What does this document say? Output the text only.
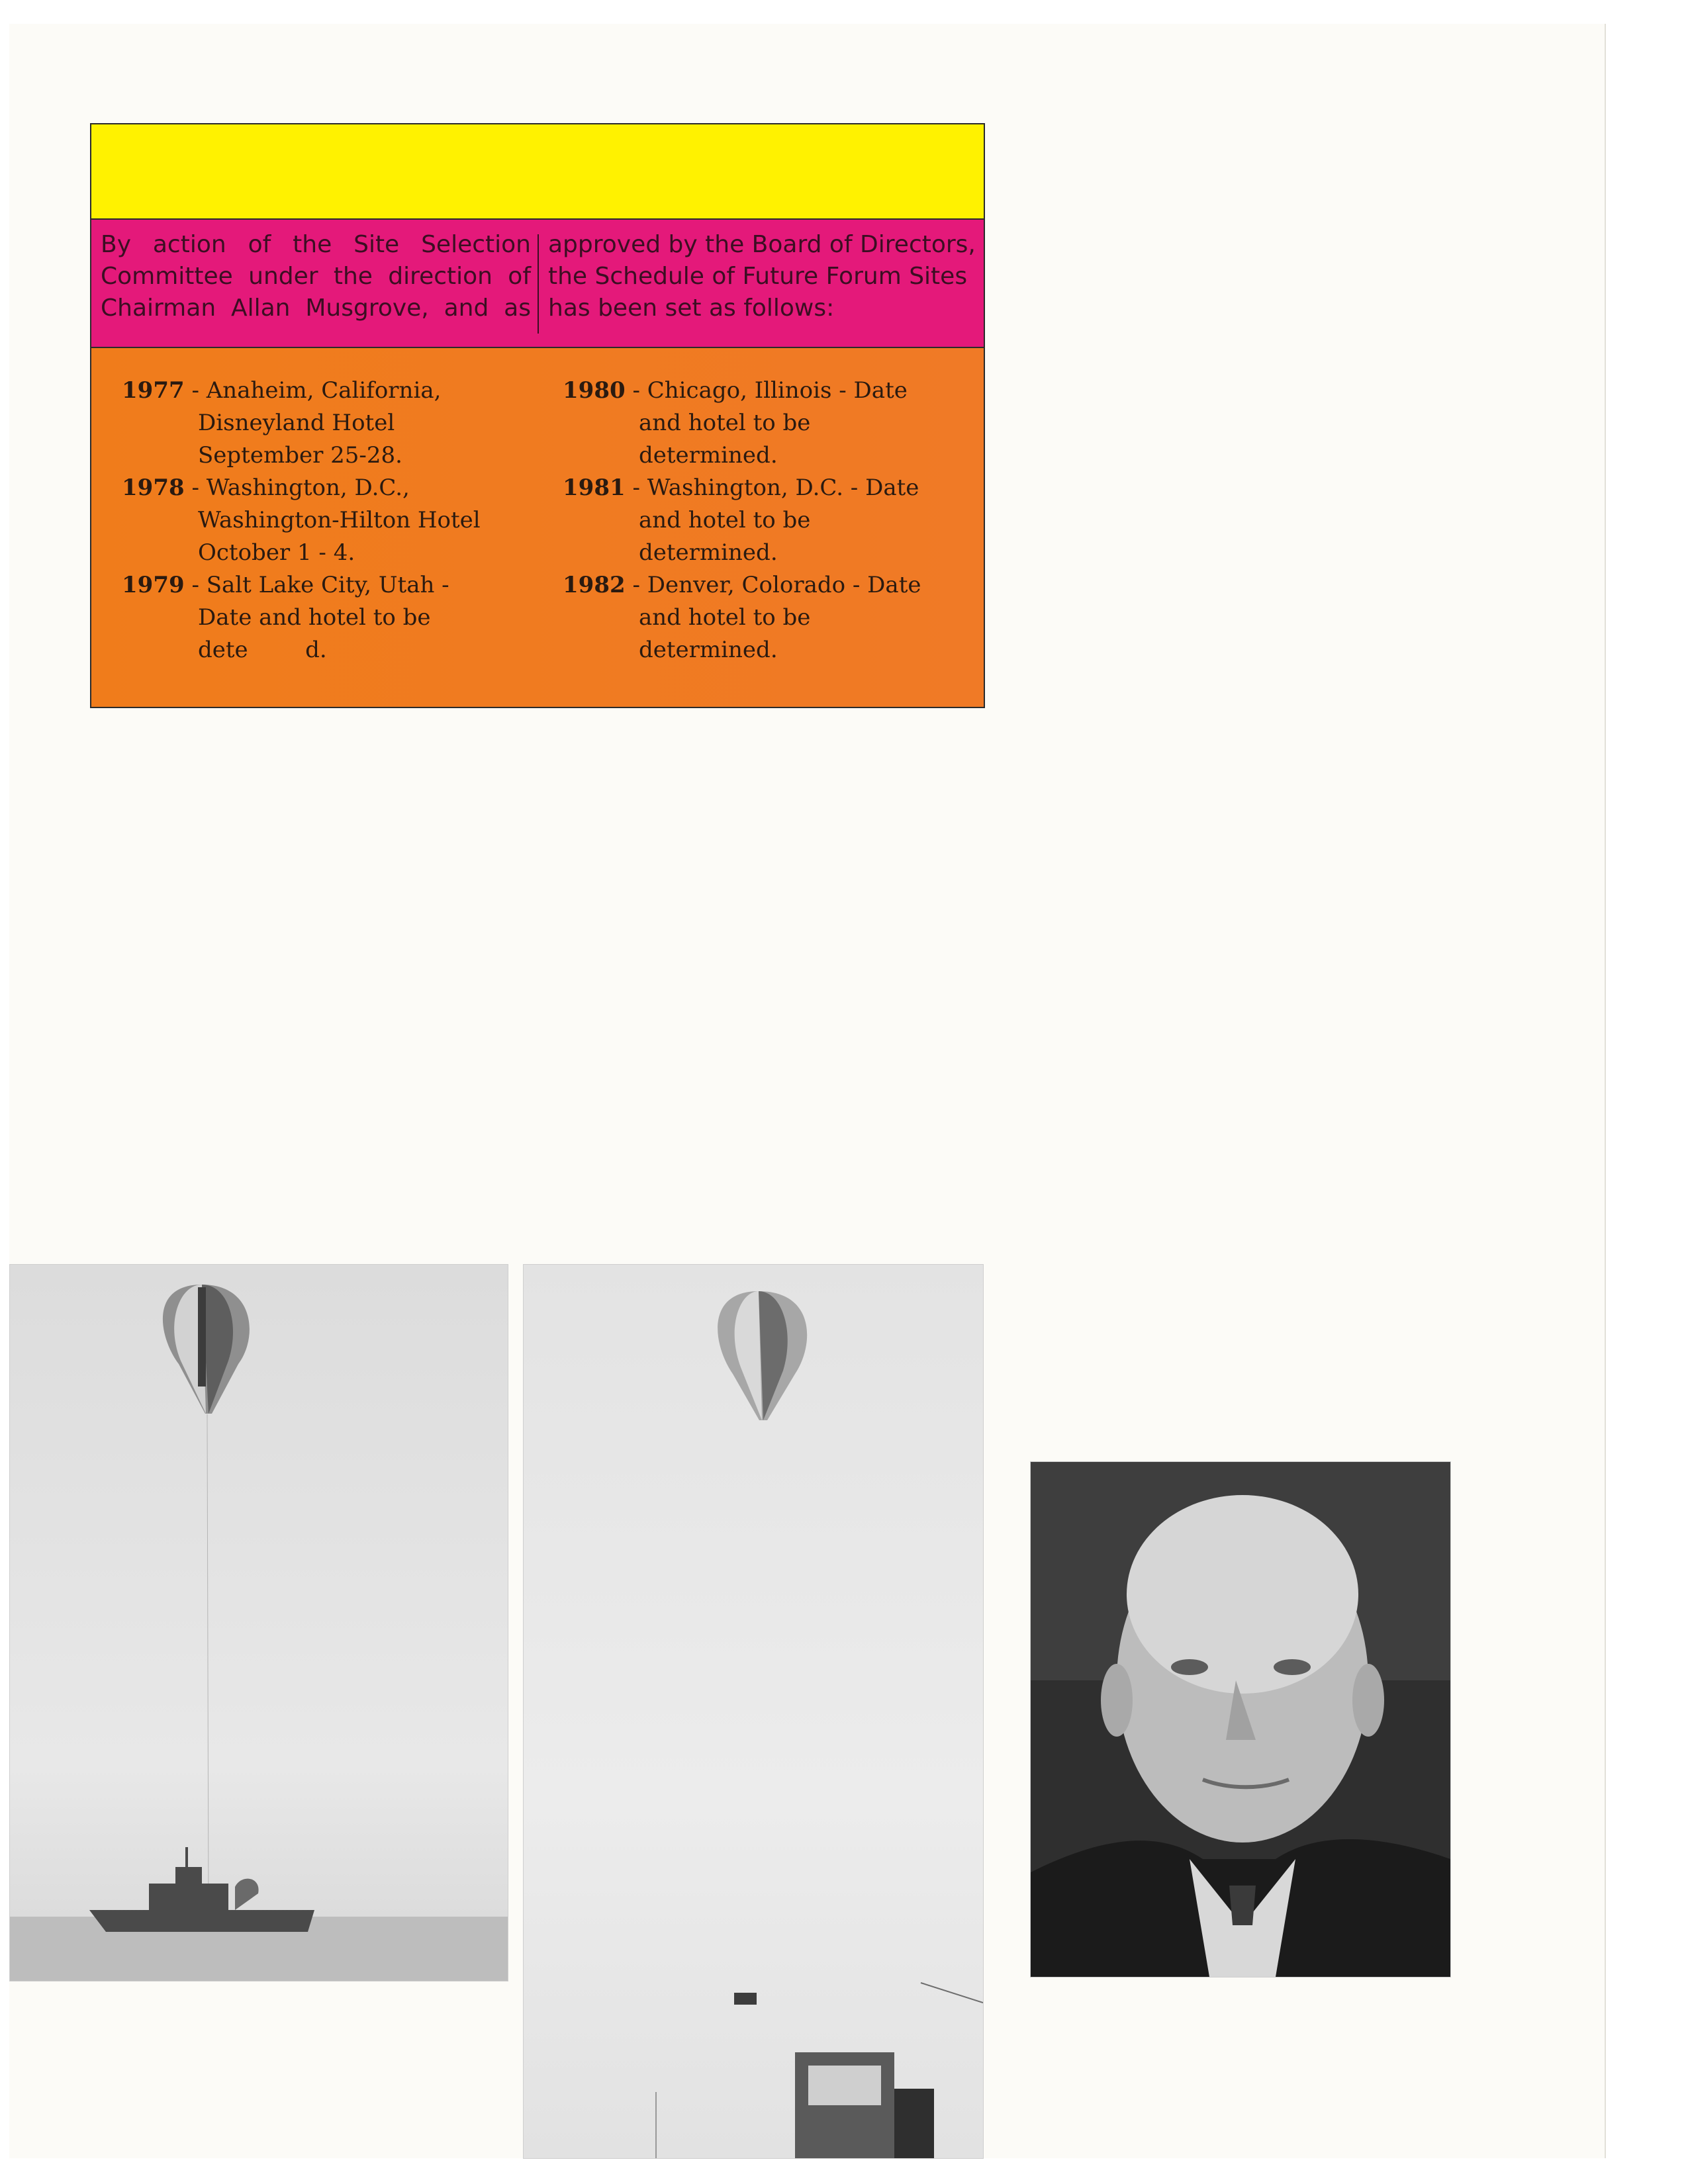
By action of the Site Selection Committee under the direction of Chairman Allan Musgrove, and as
approved by the Board of Directors, the Schedule of Future Forum Sites has been set as follows:
1977 - Anaheim, California,
Disneyland Hotel
September 25-28.
1978 - Washington, D.C.,
Washington-Hilton Hotel
October 1 - 4.
1979 - Salt Lake City, Utah -
Date and hotel to be
dete        d.
1980 - Chicago, Illinois - Date
and hotel to be
determined.
1981 - Washington, D.C. - Date
and hotel to be
determined.
1982 - Denver, Colorado - Date
and hotel to be
determined.
